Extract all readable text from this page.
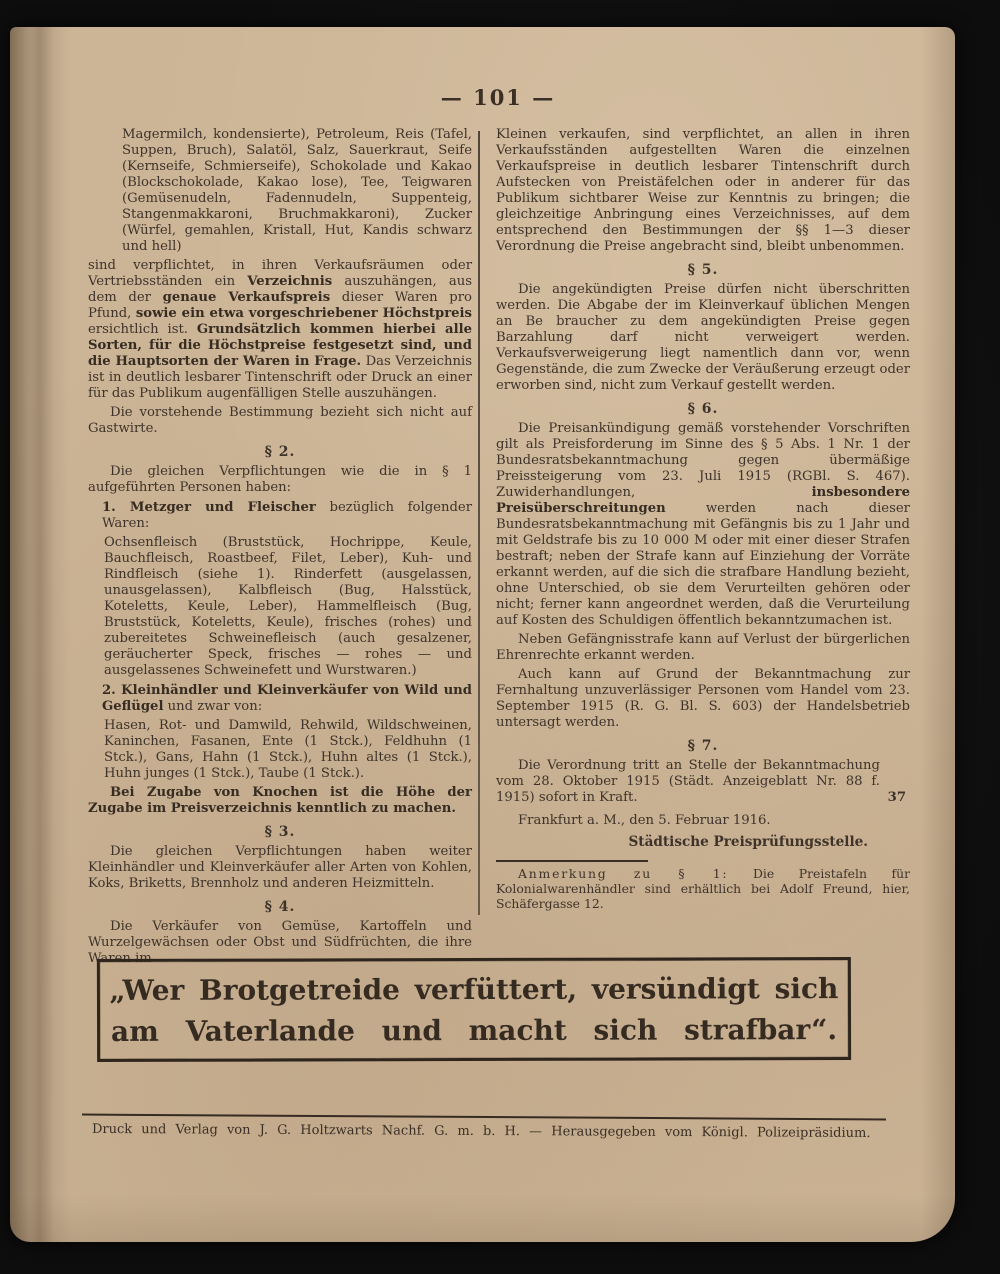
— 101 —

Magermilch, kondensierte), Petroleum, Reis (Tafel, Suppen, Bruch), Salatöl, Salz, Sauerkraut, Seife (Kernseife, Schmierseife), Schokolade und Kakao (Blockschokolade, Kakao lose), Tee, Teigwaren (Gemüsenudeln, Fadennudeln, Suppenteig, Stangenmakkaroni, Bruchmakkaroni), Zucker (Würfel, gemahlen, Kristall, Hut, Kandis schwarz und hell)

sind verpflichtet, in ihren Verkaufsräumen oder Vertriebsständen ein Verzeichnis auszuhängen, aus dem der genaue Verkaufspreis dieser Waren pro Pfund, sowie ein etwa vorgeschriebener Höchstpreis ersichtlich ist. Grundsätzlich kommen hierbei alle Sorten, für die Höchstpreise festgesetzt sind, und die Hauptsorten der Waren in Frage. Das Verzeichnis ist in deutlich lesbarer Tintenschrift oder Druck an einer für das Publikum augenfälligen Stelle auszuhängen.

Die vorstehende Bestimmung bezieht sich nicht auf Gastwirte.

§ 2.

Die gleichen Verpflichtungen wie die in § 1 aufgeführten Personen haben:

1. Metzger und Fleischer bezüglich folgender Waren:

Ochsenfleisch (Bruststück, Hochrippe, Keule, Bauchfleisch, Roastbeef, Filet, Leber), Kuh- und Rindfleisch (siehe 1). Rinderfett (ausgelassen, unausgelassen), Kalbfleisch (Bug, Halsstück, Koteletts, Keule, Leber), Hammelfleisch (Bug, Bruststück, Koteletts, Keule), frisches (rohes) und zubereitetes Schweinefleisch (auch gesalzener, geräucherter Speck, frisches — rohes — und ausgelassenes Schweinefett und Wurstwaren.)

2. Kleinhändler und Kleinverkäufer von Wild und Geflügel und zwar von:

Hasen, Rot- und Damwild, Rehwild, Wildschweinen, Kaninchen, Fasanen, Ente (1 Stck.), Feldhuhn (1 Stck.), Gans, Hahn (1 Stck.), Huhn altes (1 Stck.), Huhn junges (1 Stck.), Taube (1 Stck.).

Bei Zugabe von Knochen ist die Höhe der Zugabe im Preisverzeichnis kenntlich zu machen.

§ 3.

Die gleichen Verpflichtungen haben weiter Kleinhändler und Kleinverkäufer aller Arten von Kohlen, Koks, Briketts, Brennholz und anderen Heizmitteln.

§ 4.

Die Verkäufer von Gemüse, Kartoffeln und Wurzelgewächsen oder Obst und Südfrüchten, die ihre Waren im

Kleinen verkaufen, sind verpflichtet, an allen in ihren Verkaufsständen aufgestellten Waren die einzelnen Verkaufspreise in deutlich lesbarer Tintenschrift durch Aufstecken von Preistäfelchen oder in anderer für das Publikum sichtbarer Weise zur Kenntnis zu bringen; die gleichzeitige Anbringung eines Verzeichnisses, auf dem entsprechend den Bestimmungen der §§ 1—3 dieser Verordnung die Preise angebracht sind, bleibt unbenommen.

§ 5.

Die angekündigten Preise dürfen nicht überschritten werden. Die Abgabe der im Kleinverkauf üblichen Mengen an Be braucher zu dem angekündigten Preise gegen Barzahlung darf nicht verweigert werden. Verkaufsverweigerung liegt namentlich dann vor, wenn Gegenstände, die zum Zwecke der Veräußerung erzeugt oder erworben sind, nicht zum Verkauf gestellt werden.

§ 6.

Die Preisankündigung gemäß vorstehender Vorschriften gilt als Preisforderung im Sinne des § 5 Abs. 1 Nr. 1 der Bundesratsbekanntmachung gegen übermäßige Preissteigerung vom 23. Juli 1915 (RGBl. S. 467). Zuwiderhandlungen, insbesondere Preisüberschreitungen werden nach dieser Bundesratsbekanntmachung mit Gefängnis bis zu 1 Jahr und mit Geldstrafe bis zu 10 000 M oder mit einer dieser Strafen bestraft; neben der Strafe kann auf Einziehung der Vorräte erkannt werden, auf die sich die strafbare Handlung bezieht, ohne Unterschied, ob sie dem Verurteilten gehören oder nicht; ferner kann angeordnet werden, daß die Verurteilung auf Kosten des Schuldigen öffentlich bekanntzumachen ist.

Neben Gefängnisstrafe kann auf Verlust der bürgerlichen Ehrenrechte erkannt werden.

Auch kann auf Grund der Bekanntmachung zur Fernhaltung unzuverlässiger Personen vom Handel vom 23. September 1915 (R. G. Bl. S. 603) der Handelsbetrieb untersagt werden.

§ 7.

Die Verordnung tritt an Stelle der Bekanntmachung vom 28. Oktober 1915 (Städt. Anzeigeblatt Nr. 88 f. 1915) sofort in Kraft.	37

Frankfurt a. M., den 5. Februar 1916.

Städtische Preisprüfungsstelle.

Anmerkung zu § 1: Die Preistafeln für Kolonialwarenhändler sind erhältlich bei Adolf Freund, hier, Schäfergasse 12.

„Wer Brotgetreide verfüttert, versündigt sich
am Vaterlande und macht sich strafbar“.

Druck und Verlag von J. G. Holtzwarts Nachf. G. m. b. H. — Herausgegeben vom Königl. Polizeipräsidium.
